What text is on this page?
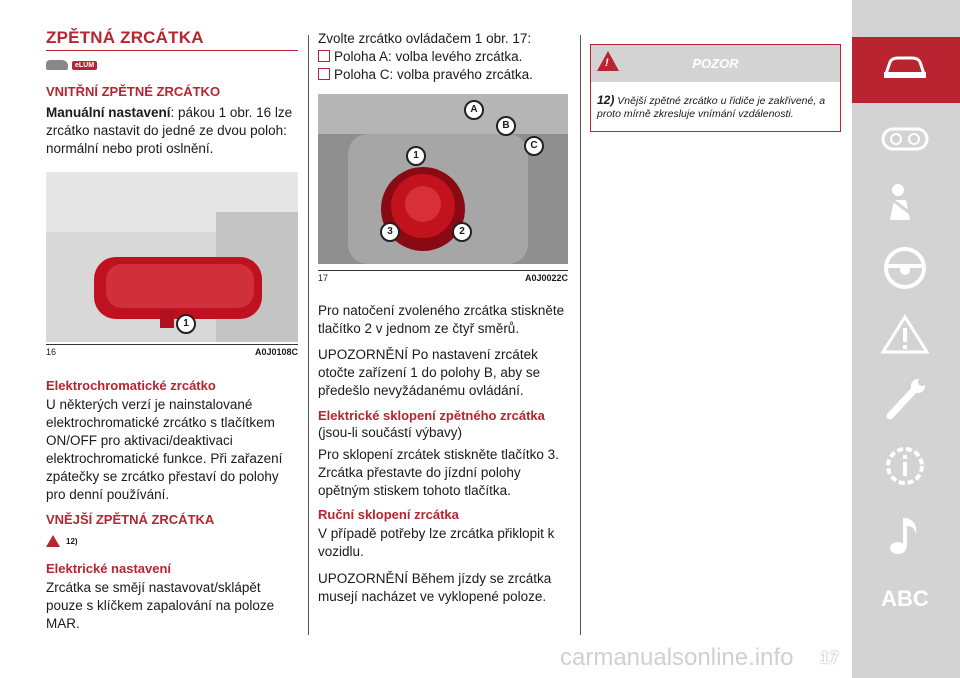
ZPĚTNÁ ZRCÁTKA
eLUM
VNITŘNÍ ZPĚTNÉ ZRCÁTKO

Manuální nastavení: pákou 1 obr. 16 lze zrcátko nastavit do jedné ze dvou poloh: normální nebo proti oslnění.

1
16	A0J0108C
Elektrochromatické zrcátko

U některých verzí je nainstalované elektrochromatické zrcátko s tlačítkem ON/OFF pro aktivaci/deaktivaci elektrochromatické funkce. Při zařazení zpátečky se zrcátko přestaví do polohy pro denní používání.

VNĚJŠÍ ZPĚTNÁ ZRCÁTKA
12)
Elektrické nastavení

Zrcátka se smějí nastavovat/sklápět pouze s klíčkem zapalování na poloze MAR.

Zvolte zrcátko ovládačem 1 obr. 17:

Poloha A: volba levého zrcátka.

Poloha C: volba pravého zrcátka.

A
B
C
1
2
3
17	A0J0022C

Pro natočení zvoleného zrcátka stiskněte tlačítko 2 v jednom ze čtyř směrů.

UPOZORNĚNÍ Po nastavení zrcátek otočte zařízení 1 do polohy B, aby se předešlo nevyžádanému ovládání.

Elektrické sklopení zpětného zrcátka

(jsou-li součástí výbavy)

Pro sklopení zrcátek stiskněte tlačítko 3. Zrcátka přestavte do jízdní polohy opětným stiskem tohoto tlačítka.

Ruční sklopení zrcátka

V případě potřeby lze zrcátka přiklopit k vozidlu.

UPOZORNĚNÍ Během jízdy se zrcátka musejí nacházet ve vyklopené poloze.

!	POZOR
12) Vnější zpětné zrcátko u řidiče je zakřivené, a proto mírně zkresluje vnímání vzdálenosti.
ABC
carmanualsonline.info 17
